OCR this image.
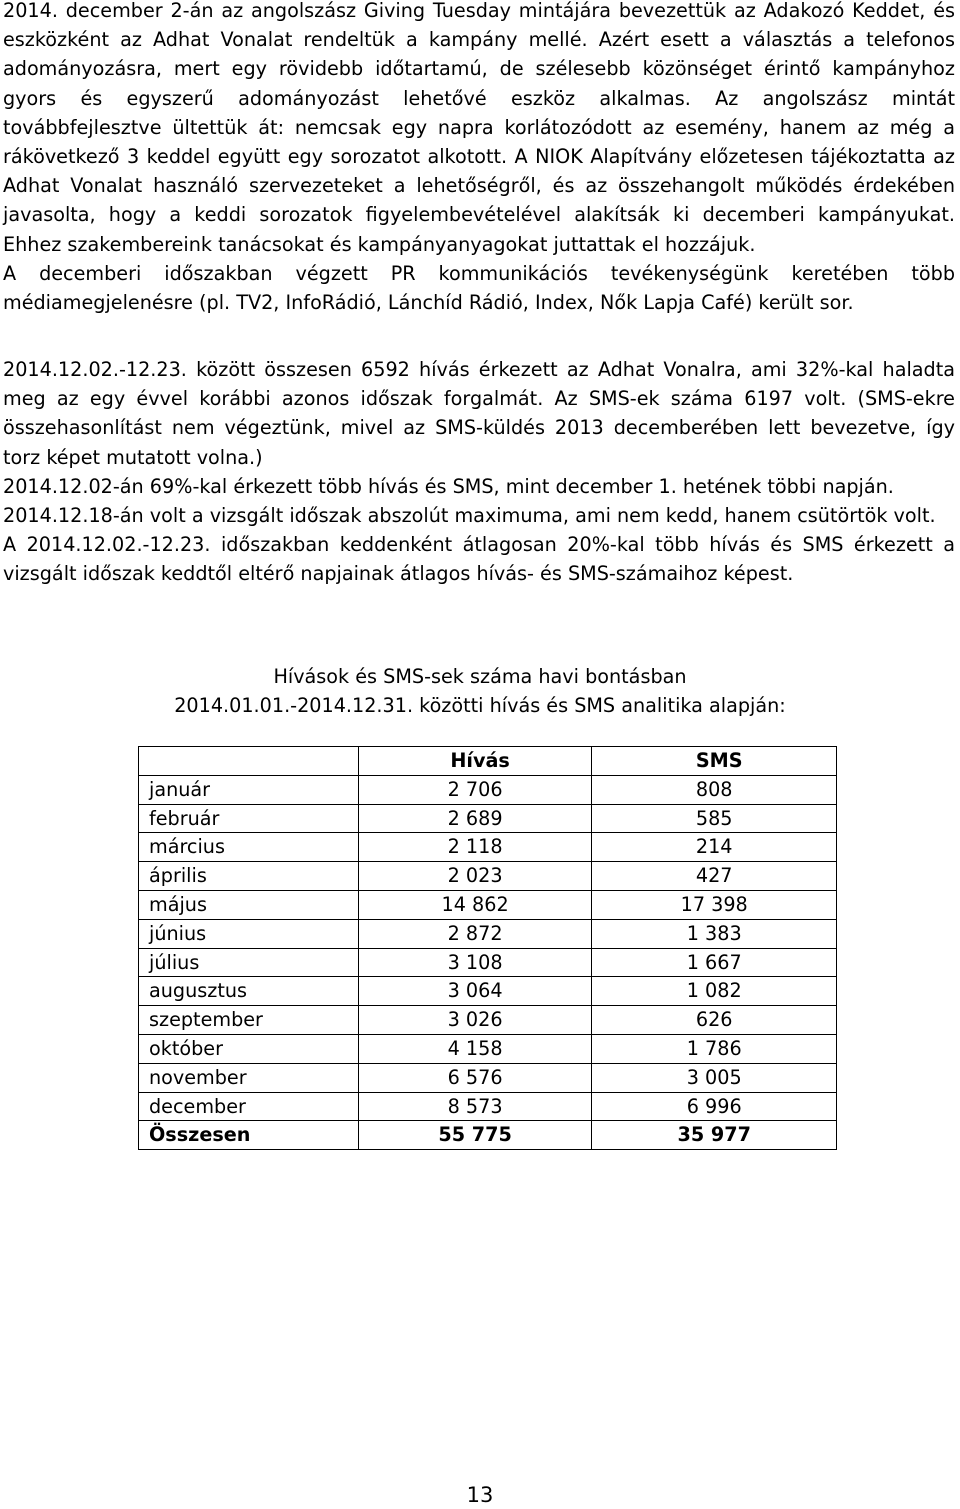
2014. december 2-án az angolszász Giving Tuesday mintájára bevezettük az Adakozó Keddet, és eszközként az Adhat Vonalat rendeltük a kampány mellé. Azért esett a választás a telefonos adományozásra, mert egy rövidebb időtartamú, de szélesebb közönséget érintő kampányhoz gyors és egyszerű adományozást lehetővé eszköz alkalmas. Az angolszász mintát továbbfejlesztve ültettük át: nemcsak egy napra korlátozódott az esemény, hanem az még a rákövetkező 3 keddel együtt egy sorozatot alkotott. A NIOK Alapítvány előzetesen tájékoztatta az Adhat Vonalat használó szervezeteket a lehetőségről, és az összehangolt működés érdekében javasolta, hogy a keddi sorozatok figyelembevételével alakítsák ki decemberi kampányukat. Ehhez szakembereink tanácsokat és kampányanyagokat juttattak el hozzájuk.

A decemberi időszakban végzett PR kommunikációs tevékenységünk keretében több médiamegjelenésre (pl. TV2, InfoRádió, Lánchíd Rádió, Index, Nők Lapja Café) került sor.

2014.12.02.-12.23. között összesen 6592 hívás érkezett az Adhat Vonalra, ami 32%-kal haladta meg az egy évvel korábbi azonos időszak forgalmát. Az SMS-ek száma 6197 volt. (SMS-ekre összehasonlítást nem végeztünk, mivel az SMS-küldés 2013 decemberében lett bevezetve, így torz képet mutatott volna.)

2014.12.02-án 69%-kal érkezett több hívás és SMS, mint december 1. hetének többi napján.

2014.12.18-án volt a vizsgált időszak abszolút maximuma, ami nem kedd, hanem csütörtök volt.

A 2014.12.02.-12.23. időszakban keddenként átlagosan 20%-kal több hívás és SMS érkezett a vizsgált időszak keddtől eltérő napjainak átlagos hívás- és SMS-számaihoz képest.

Hívások és SMS-sek száma havi bontásban
2014.01.01.-2014.12.31. közötti hívás és SMS analitika alapján:
	Hívás	SMS
január	2 706	808
február	2 689	585
március	2 118	214
április	2 023	427
május	14 862	17 398
június	2 872	1 383
július	3 108	1 667
augusztus	3 064	1 082
szeptember	3 026	626
október	4 158	1 786
november	6 576	3 005
december	8 573	6 996
Összesen	55 775	35 977
13
